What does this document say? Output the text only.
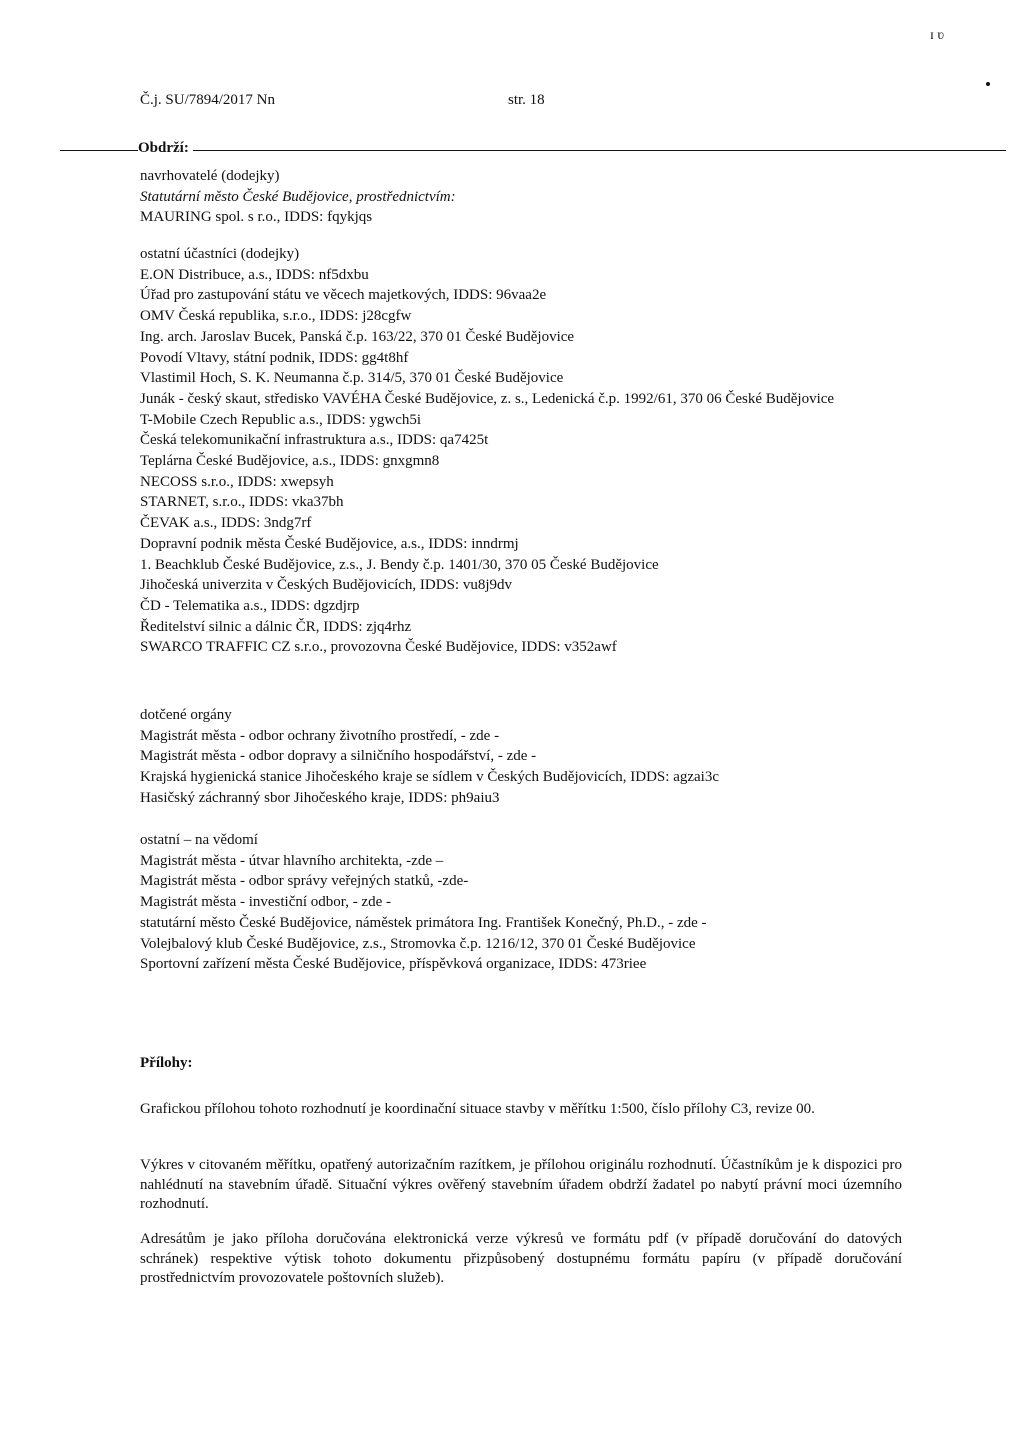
ɪ ʋ
Č.j. SU/7894/2017 Nn	str. 18
Obdrží:
navrhovatelé (dodejky)
Statutární město České Budějovice, prostřednictvím:
MAURING spol. s r.o., IDDS: fqykjqs
ostatní účastníci (dodejky)
E.ON Distribuce, a.s., IDDS: nf5dxbu
Úřad pro zastupování státu ve věcech majetkových, IDDS: 96vaa2e
OMV Česká republika, s.r.o., IDDS: j28cgfw
Ing. arch. Jaroslav Bucek, Panská č.p. 163/22, 370 01 České Budějovice
Povodí Vltavy, státní podnik, IDDS: gg4t8hf
Vlastimil Hoch, S. K. Neumanna č.p. 314/5, 370 01 České Budějovice
Junák - český skaut, středisko VAVÉHA České Budějovice, z. s., Ledenická č.p. 1992/61, 370 06 České Budějovice
T-Mobile Czech Republic a.s., IDDS: ygwch5i
Česká telekomunikační infrastruktura a.s., IDDS: qa7425t
Teplárna České Budějovice, a.s., IDDS: gnxgmn8
NECOSS s.r.o., IDDS: xwepsyh
STARNET, s.r.o., IDDS: vka37bh
ČEVAK a.s., IDDS: 3ndg7rf
Dopravní podnik města České Budějovice, a.s., IDDS: inndrmj
1. Beachklub České Budějovice, z.s., J. Bendy č.p. 1401/30, 370 05 České Budějovice
Jihočeská univerzita v Českých Budějovicích, IDDS: vu8j9dv
ČD - Telematika a.s., IDDS: dgzdjrp
Ředitelství silnic a dálnic ČR, IDDS: zjq4rhz
SWARCO TRAFFIC CZ s.r.o., provozovna České Budějovice, IDDS: v352awf
dotčené orgány
Magistrát města - odbor ochrany životního prostředí, - zde -
Magistrát města - odbor dopravy a silničního hospodářství, - zde -
Krajská hygienická stanice Jihočeského kraje se sídlem v Českých Budějovicích, IDDS: agzai3c
Hasičský záchranný sbor Jihočeského kraje, IDDS: ph9aiu3
ostatní – na vědomí
Magistrát města - útvar hlavního architekta, -zde –
Magistrát města - odbor správy veřejných statků, -zde-
Magistrát města - investiční odbor, - zde -
statutární město České Budějovice, náměstek primátora Ing. František Konečný, Ph.D., - zde -
Volejbalový klub České Budějovice, z.s., Stromovka č.p. 1216/12, 370 01 České Budějovice
Sportovní zařízení města České Budějovice, příspěvková organizace, IDDS: 473riee
Přílohy:
Grafickou přílohou tohoto rozhodnutí je koordinační situace stavby v měřítku 1:500, číslo přílohy C3, revize 00.
Výkres v citovaném měřítku, opatřený autorizačním razítkem, je přílohou originálu rozhodnutí. Účastníkům je k dispozici pro nahlédnutí na stavebním úřadě. Situační výkres ověřený stavebním úřadem obdrží žadatel po nabytí právní moci územního rozhodnutí.
Adresátům je jako příloha doručována elektronická verze výkresů ve formátu pdf (v případě doručování do datových schránek) respektive výtisk tohoto dokumentu přizpůsobený dostupnému formátu papíru (v případě doručování prostřednictvím provozovatele poštovních služeb).
